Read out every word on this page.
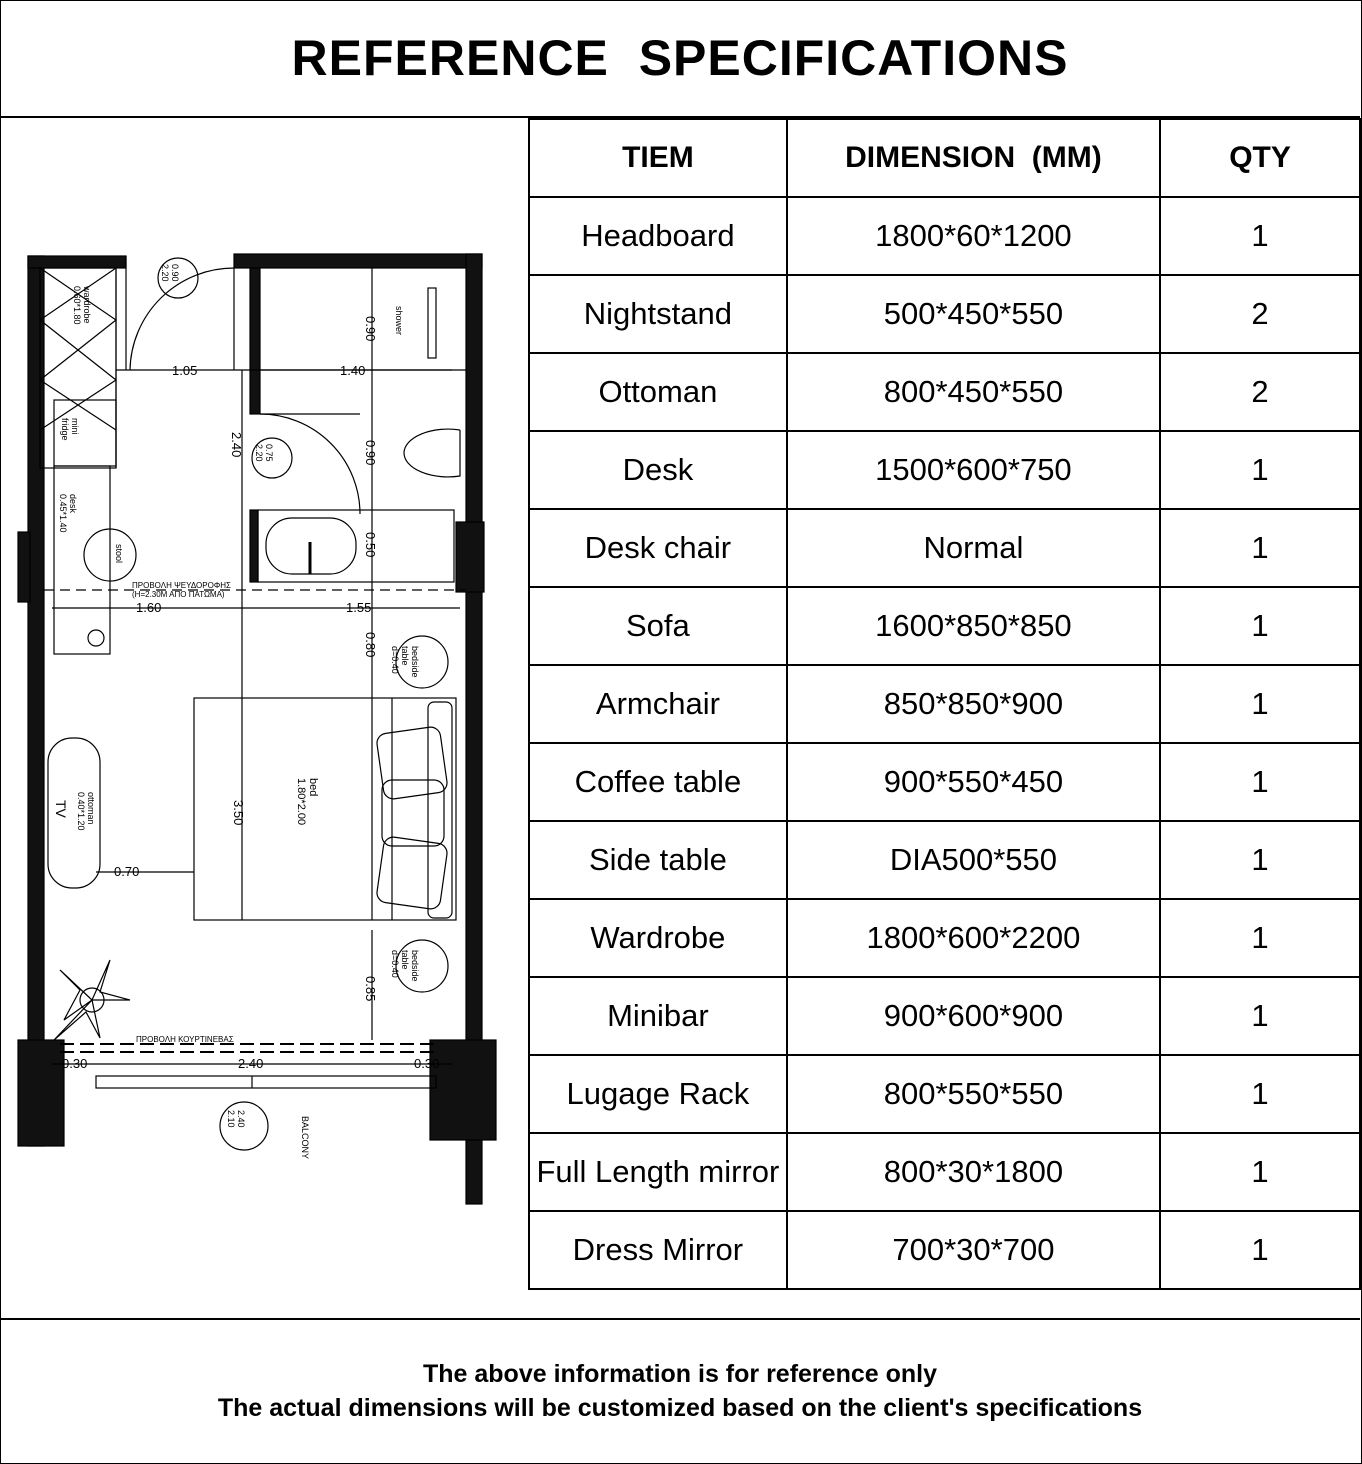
REFERENCE  SPECIFICATIONS
1.05	1.40
2.40
0.90
0.90
0.50
1.60	1.55
0.80
3.50
0.70
0.85
0.30	2.40	0.30
wardrobe0.60*1.80
minifridge
desk0.45*1.40
stool
shower
ottoman0.40*1.20
TV
bed1.80*2.00
bedsidetabled=0.40
bedsidetabled=0.40
0.902.20
0.752.20
2.402.10
ΠΡΟΒΟΛΗ ΨΕΥΔΟΡΟΦΗΣ (Η=2.30Μ ΑΠΟ ΠΑΤΩΜΑ)
ΠΡΟΒΟΛΗ ΚΟΥΡΤΙΝΕΒΑΣ
BALCONY
TIEM	DIMENSION  (MM)	QTY
Headboard	1800*60*1200	1
Nightstand	500*450*550	2
Ottoman	800*450*550	2
Desk	1500*600*750	1
Desk chair	Normal	1
Sofa	1600*850*850	1
Armchair	850*850*900	1
Coffee table	900*550*450	1
Side table	DIA500*550	1
Wardrobe	1800*600*2200	1
Minibar	900*600*900	1
Lugage Rack	800*550*550	1
Full Length mirror	800*30*1800	1
Dress Mirror	700*30*700	1
The above information is for reference only
The actual dimensions will be customized based on the client's specifications
